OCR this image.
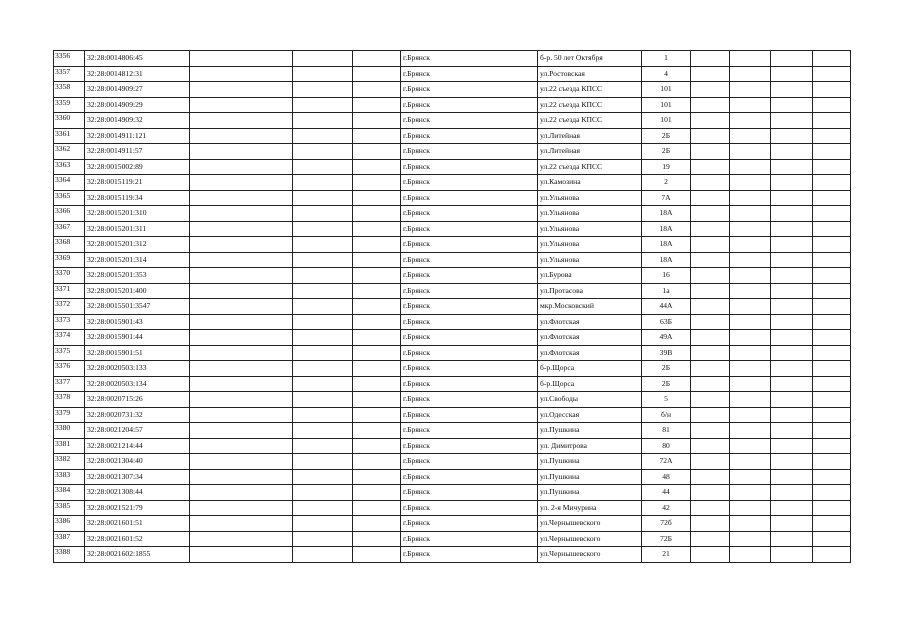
3356	32:28:0014806:45				г.Брянск	б-р. 50 лет Октября	1				
3357	32:28:0014812:31				г.Брянск	ул.Ростовская	4				
3358	32:28:0014909:27				г.Брянск	ул.22 съезда КПСС	101				
3359	32:28:0014909:29				г.Брянск	ул.22 съезда КПСС	101				
3360	32:28:0014909:32				г.Брянск	ул.22 съезда КПСС	101				
3361	32:28:0014911:121				г.Брянск	ул.Литейная	2Б				
3362	32:28:0014911:57				г.Брянск	ул.Литейная	2Б				
3363	32:28:0015002:89				г.Брянск	ул.22 съезда КПСС	19				
3364	32:28:0015119:21				г.Брянск	ул.Камозина	2				
3365	32:28:0015119:34				г.Брянск	ул.Ульянова	7А				
3366	32:28:0015201:310				г.Брянск	ул.Ульянова	18А				
3367	32:28:0015201:311				г.Брянск	ул.Ульянова	18А				
3368	32:28:0015201:312				г.Брянск	ул.Ульянова	18А				
3369	32:28:0015201:314				г.Брянск	ул.Ульянова	18А				
3370	32:28:0015201:353				г.Брянск	ул.Бурова	16				
3371	32:28:0015201:400				г.Брянск	ул.Протасова	1а				
3372	32:28:0015501:3547				г.Брянск	мкр.Московский	44А				
3373	32:28:0015901:43				г.Брянск	ул.Флотская	63Б				
3374	32:28:0015901:44				г.Брянск	ул.Флотская	49А				
3375	32:28:0015901:51				г.Брянск	ул.Флотская	39В				
3376	32:28:0020503:133				г.Брянск	б-р.Щорса	2Б				
3377	32:28:0020503:134				г.Брянск	б-р.Щорса	2Б				
3378	32:28:0020715:26				г.Брянск	ул.Свободы	5				
3379	32:28:0020731:32				г.Брянск	ул.Одесская	б/н				
3380	32:28:0021204:57				г.Брянск	ул.Пушкина	81				
3381	32:28:0021214:44				г.Брянск	ул. Димитрова	80				
3382	32:28:0021304:40				г.Брянск	ул.Пушкина	72А				
3383	32:28:0021307:34				г.Брянск	ул.Пушкина	48				
3384	32:28:0021308:44				г.Брянск	ул.Пушкина	44				
3385	32:28:0021521:79				г.Брянск	ул. 2-я Мичурина	42				
3386	32:28:0021601:51				г.Брянск	ул.Чернышевского	72б				
3387	32:28:0021601:52				г.Брянск	ул.Чернышевского	72Б				
3388	32:28:0021602:1855				г.Брянск	ул.Чернышевского	21				
